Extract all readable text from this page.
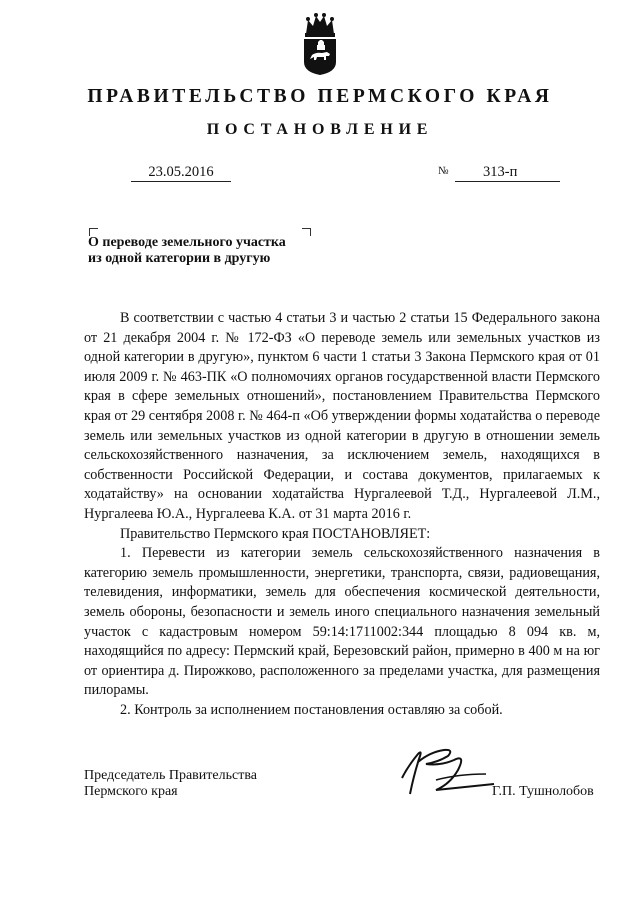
ПРАВИТЕЛЬСТВО ПЕРМСКОГО КРАЯ
ПОСТАНОВЛЕНИЕ
23.05.2016	№	313-п
О переводе земельного участка
из одной категории в другую

В соответствии с частью 4 статьи 3 и частью 2 статьи 15 Федерального закона от 21 декабря 2004 г. № 172-ФЗ «О переводе земель или земельных участков из одной категории в другую», пунктом 6 части 1 статьи 3 Закона Пермского края от 01 июля 2009 г. № 463-ПК «О полномочиях органов государственной власти Пермского края в сфере земельных отношений», постановлением Правительства Пермского края от 29 сентября 2008 г. № 464-п «Об утверждении формы ходатайства о переводе земель или земельных участков из одной категории в другую в отношении земель сельскохозяйственного назначения, за исключением земель, находящихся в собственности Российской Федерации, и состава документов, прилагаемых к ходатайству» на основании ходатайства Нургалеевой Т.Д., Нургалеевой Л.М., Нургалеева Ю.А., Нургалеева К.А. от 31 марта 2016 г.

Правительство Пермского края ПОСТАНОВЛЯЕТ:

1. Перевести из категории земель сельскохозяйственного назначения в категорию земель промышленности, энергетики, транспорта, связи, радиовещания, телевидения, информатики, земель для обеспечения космической деятельности, земель обороны, безопасности и земель иного специального назначения земельный участок с кадастровым номером 59:14:1711002:344 площадью 8 094 кв. м, находящийся по адресу: Пермский край, Березовский район, примерно в 400 м на юг от ориентира д. Пирожково, расположенного за пределами участка, для размещения пилорамы.

2. Контроль за исполнением постановления оставляю за собой.

Председатель Правительства
Пермского края	Г.П. Тушнолобов
